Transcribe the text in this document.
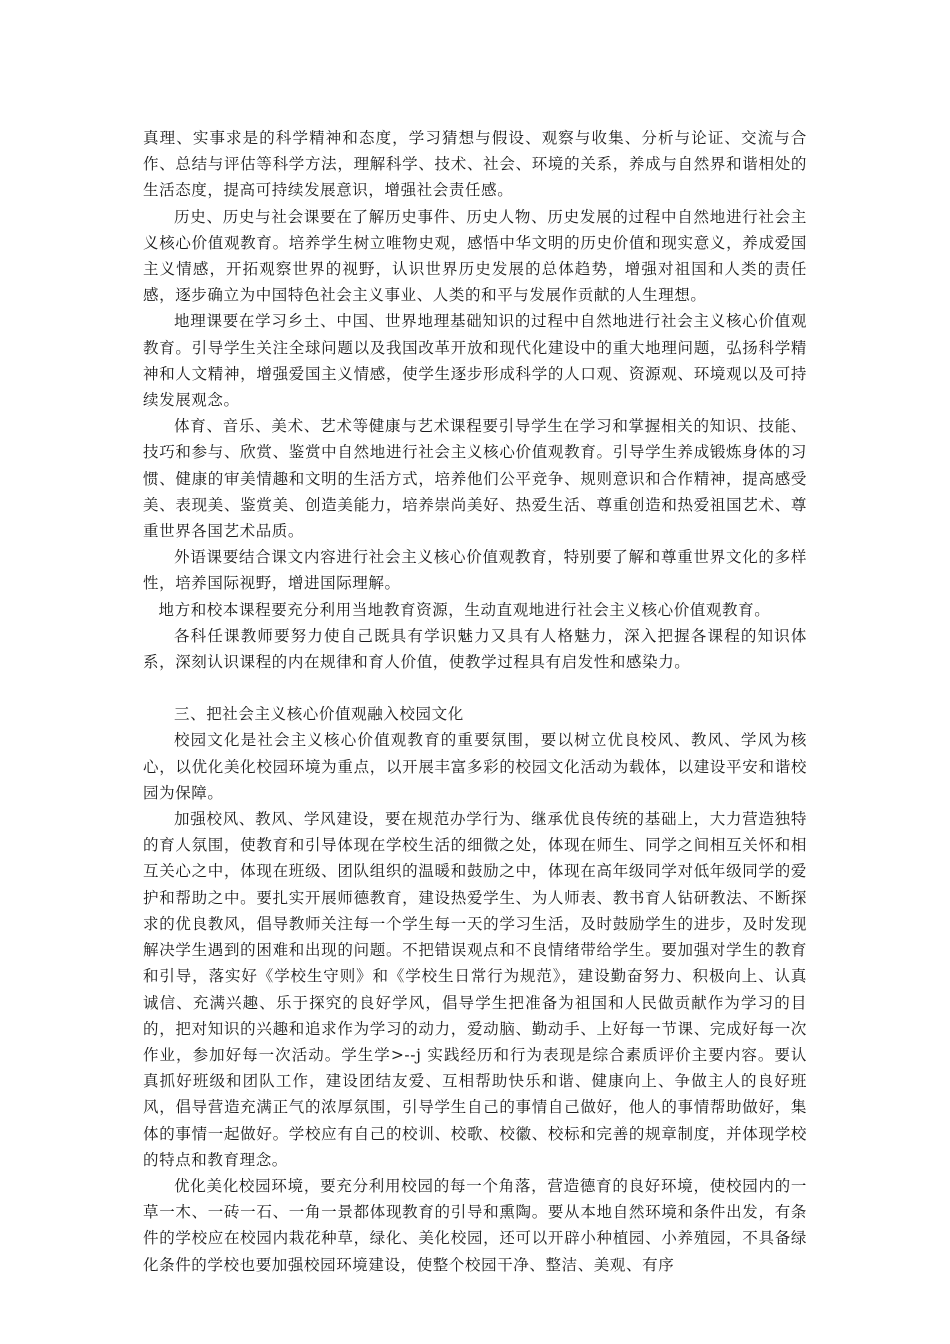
真理、实事求是的科学精神和态度，学习猜想与假设、观察与收集、分析与论证、交流与合作、总结与评估等科学方法，理解科学、技术、社会、环境的关系，养成与自然界和谐相处的生活态度，提高可持续发展意识，增强社会责任感。

历史、历史与社会课要在了解历史事件、历史人物、历史发展的过程中自然地进行社会主义核心价值观教育。培养学生树立唯物史观，感悟中华文明的历史价值和现实意义，养成爱国主义情感，开拓观察世界的视野，认识世界历史发展的总体趋势，增强对祖国和人类的责任感，逐步确立为中国特色社会主义事业、人类的和平与发展作贡献的人生理想。

地理课要在学习乡土、中国、世界地理基础知识的过程中自然地进行社会主义核心价值观教育。引导学生关注全球问题以及我国改革开放和现代化建设中的重大地理问题，弘扬科学精神和人文精神，增强爱国主义情感，使学生逐步形成科学的人口观、资源观、环境观以及可持续发展观念。

体育、音乐、美术、艺术等健康与艺术课程要引导学生在学习和掌握相关的知识、技能、技巧和参与、欣赏、鉴赏中自然地进行社会主义核心价值观教育。引导学生养成锻炼身体的习惯、健康的审美情趣和文明的生活方式，培养他们公平竞争、规则意识和合作精神，提高感受美、表现美、鉴赏美、创造美能力，培养崇尚美好、热爱生活、尊重创造和热爱祖国艺术、尊重世界各国艺术品质。

外语课要结合课文内容进行社会主义核心价值观教育，特别要了解和尊重世界文化的多样性，培养国际视野，增进国际理解。

地方和校本课程要充分利用当地教育资源，生动直观地进行社会主义核心价值观教育。

各科任课教师要努力使自己既具有学识魅力又具有人格魅力，深入把握各课程的知识体系，深刻认识课程的内在规律和育人价值，使教学过程具有启发性和感染力。

三、把社会主义核心价值观融入校园文化

校园文化是社会主义核心价值观教育的重要氛围，要以树立优良校风、教风、学风为核心，以优化美化校园环境为重点，以开展丰富多彩的校园文化活动为载体，以建设平安和谐校园为保障。

加强校风、教风、学风建设，要在规范办学行为、继承优良传统的基础上，大力营造独特的育人氛围，使教育和引导体现在学校生活的细微之处，体现在师生、同学之间相互关怀和相互关心之中，体现在班级、团队组织的温暖和鼓励之中，体现在高年级同学对低年级同学的爱护和帮助之中。要扎实开展师德教育，建设热爱学生、为人师表、教书育人钻研教法、不断探求的优良教风，倡导教师关注每一个学生每一天的学习生活，及时鼓励学生的进步，及时发现解决学生遇到的困难和出现的问题。不把错误观点和不良情绪带给学生。要加强对学生的教育和引导，落实好《学校生守则》和《学校生日常行为规范》，建设勤奋努力、积极向上、认真诚信、充满兴趣、乐于探究的良好学风，倡导学生把准备为祖国和人民做贡献作为学习的目的，把对知识的兴趣和追求作为学习的动力，爱动脑、勤动手、上好每一节课、完成好每一次作业，参加好每一次活动。学生学>--j 实践经历和行为表现是综合素质评价主要内容。要认真抓好班级和团队工作，建设团结友爱、互相帮助快乐和谐、健康向上、争做主人的良好班风，倡导营造充满正气的浓厚氛围，引导学生自己的事情自己做好，他人的事情帮助做好，集体的事情一起做好。学校应有自己的校训、校歌、校徽、校标和完善的规章制度，并体现学校的特点和教育理念。

优化美化校园环境，要充分利用校园的每一个角落，营造德育的良好环境，使校园内的一草一木、一砖一石、一角一景都体现教育的引导和熏陶。要从本地自然环境和条件出发，有条件的学校应在校园内栽花种草，绿化、美化校园，还可以开辟小种植园、小养殖园，不具备绿化条件的学校也要加强校园环境建设，使整个校园干净、整洁、美观、有序
